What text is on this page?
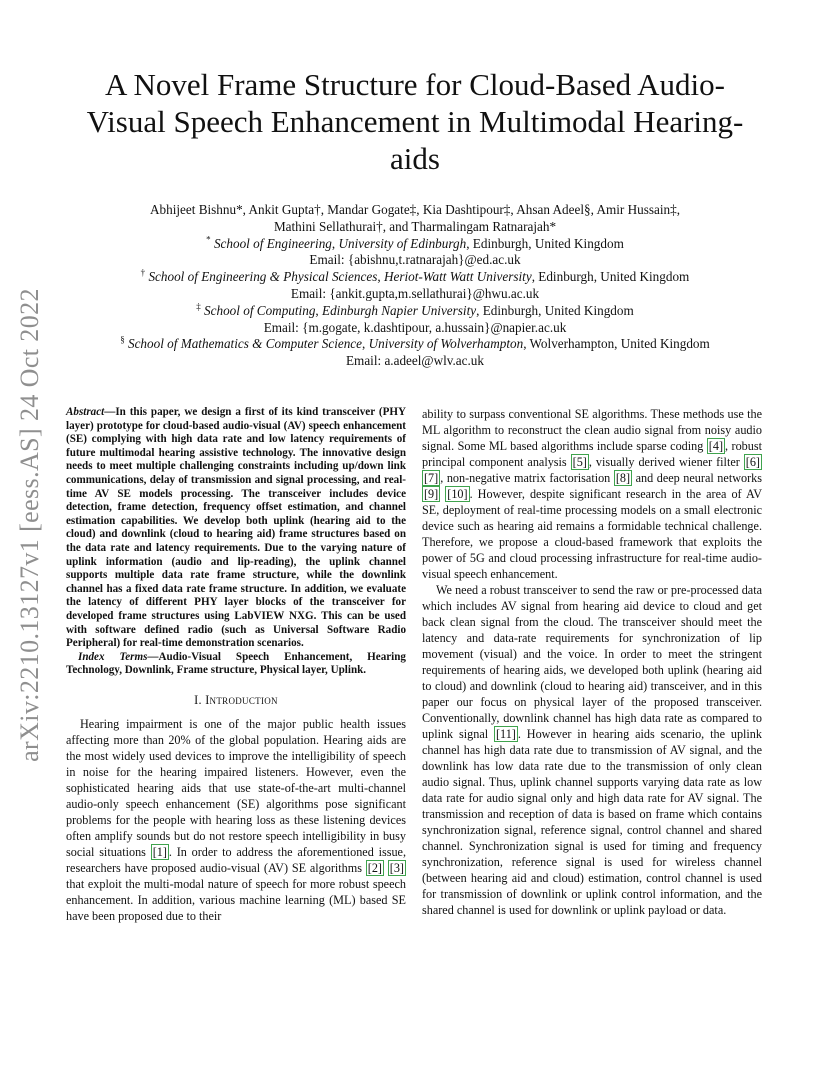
arXiv:2210.13127v1 [eess.AS] 24 Oct 2022
A Novel Frame Structure for Cloud-Based Audio-Visual Speech Enhancement in Multimodal Hearing-aids
Abhijeet Bishnu*, Ankit Gupta†, Mandar Gogate‡, Kia Dashtipour‡, Ahsan Adeel§, Amir Hussain‡,
Mathini Sellathurai†, and Tharmalingam Ratnarajah*
* School of Engineering, University of Edinburgh, Edinburgh, United Kingdom
Email: {abishnu,t.ratnarajah}@ed.ac.uk
† School of Engineering & Physical Sciences, Heriot-Watt Watt University, Edinburgh, United Kingdom
Email: {ankit.gupta,m.sellathurai}@hwu.ac.uk
‡ School of Computing, Edinburgh Napier University, Edinburgh, United Kingdom
Email: {m.gogate, k.dashtipour, a.hussain}@napier.ac.uk
§ School of Mathematics & Computer Science, University of Wolverhampton, Wolverhampton, United Kingdom
Email: a.adeel@wlv.ac.uk

Abstract—In this paper, we design a first of its kind transceiver (PHY layer) prototype for cloud-based audio-visual (AV) speech enhancement (SE) complying with high data rate and low latency requirements of future multimodal hearing assistive technology. The innovative design needs to meet multiple challenging constraints including up/down link communications, delay of transmission and signal processing, and real-time AV SE models processing. The transceiver includes device detection, frame detection, frequency offset estimation, and channel estimation capabilities. We develop both uplink (hearing aid to the cloud) and downlink (cloud to hearing aid) frame structures based on the data rate and latency requirements. Due to the varying nature of uplink information (audio and lip-reading), the uplink channel supports multiple data rate frame structure, while the downlink channel has a fixed data rate frame structure. In addition, we evaluate the latency of different PHY layer blocks of the transceiver for developed frame structures using LabVIEW NXG. This can be used with software defined radio (such as Universal Software Radio Peripheral) for real-time demonstration scenarios.

Index Terms—Audio-Visual Speech Enhancement, Hearing Technology, Downlink, Frame structure, Physical layer, Uplink.

I. Introduction

Hearing impairment is one of the major public health issues affecting more than 20% of the global population. Hearing aids are the most widely used devices to improve the intelligibility of speech in noise for the hearing impaired listeners. However, even the sophisticated hearing aids that use state-of-the-art multi-channel audio-only speech enhancement (SE) algorithms pose significant problems for the people with hearing loss as these listening devices often amplify sounds but do not restore speech intelligibility in busy social situations [1] . In order to address the aforementioned issue, researchers have proposed audio-visual (AV) SE algorithms [2] [3] that exploit the multi-modal nature of speech for more robust speech enhancement. In addition, various machine learning (ML) based SE have been proposed due to their

ability to surpass conventional SE algorithms. These methods use the ML algorithm to reconstruct the clean audio signal from noisy audio signal. Some ML based algorithms include sparse coding [4] , robust principal component analysis [5] , visually derived wiener filter [6] [7] , non-negative matrix factorisation [8] and deep neural networks [9] [10] . However, despite significant research in the area of AV SE, deployment of real-time processing models on a small electronic device such as hearing aid remains a formidable technical challenge. Therefore, we propose a cloud-based framework that exploits the power of 5G and cloud processing infrastructure for real-time audio-visual speech enhancement.

We need a robust transceiver to send the raw or pre-processed data which includes AV signal from hearing aid device to cloud and get back clean signal from the cloud. The transceiver should meet the latency and data-rate requirements for synchronization of lip movement (visual) and the voice. In order to meet the stringent requirements of hearing aids, we developed both uplink (hearing aid to cloud) and downlink (cloud to hearing aid) transceiver, and in this paper our focus on physical layer of the proposed transceiver. Conventionally, downlink channel has high data rate as compared to uplink signal [11] . However in hearing aids scenario, the uplink channel has high data rate due to transmission of AV signal, and the downlink has low data rate due to the transmission of only clean audio signal. Thus, uplink channel supports varying data rate as low data rate for audio signal only and high data rate for AV signal. The transmission and reception of data is based on frame which contains synchronization signal, reference signal, control channel and shared channel. Synchronization signal is used for timing and frequency synchronization, reference signal is used for wireless channel (between hearing aid and cloud) estimation, control channel is used for transmission of downlink or uplink control information, and the shared channel is used for downlink or uplink payload or data.
